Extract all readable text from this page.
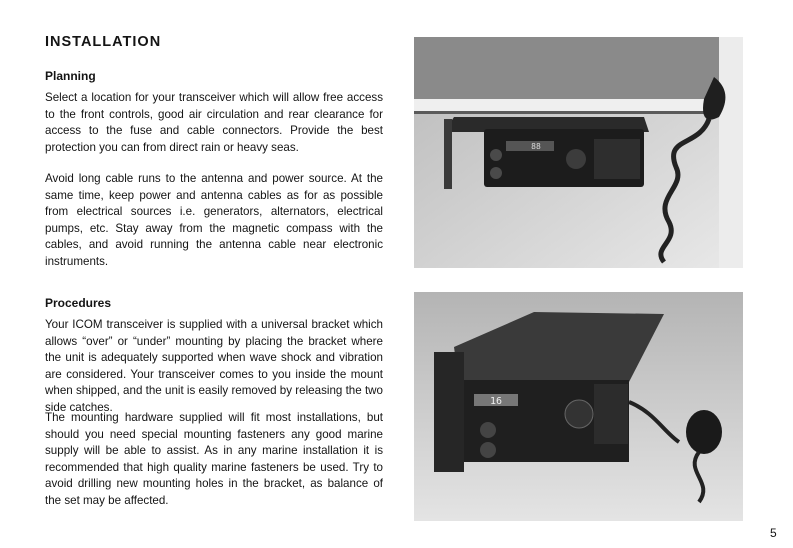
INSTALLATION
Planning

Select a location for your transceiver which will allow free access to the front controls, good air circulation and rear clearance for access to the fuse and cable connectors. Provide the best protection you can from direct rain or heavy seas.

Avoid long cable runs to the antenna and power source. At the same time, keep power and antenna cables as for as possible from electrical sources i.e. generators, alternators, electrical pumps, etc. Stay away from the magnetic compass with the cables, and avoid running the antenna cable near electronic instruments.

Procedures

Your ICOM transceiver is supplied with a universal bracket which allows “over” or “under” mounting by placing the bracket where the unit is adequately supported when wave shock and vibration are considered. Your transceiver comes to you inside the mount when shipped, and the unit is easily removed by releasing the two side catches.

The mounting hardware supplied will fit most installations, but should you need special mounting fasteners any good marine supply will be able to assist. As in any marine installation it is recommended that high quality marine fasteners be used. Try to avoid drilling new mounting holes in the bracket, as balance of the set may be affected.

88
16

5
